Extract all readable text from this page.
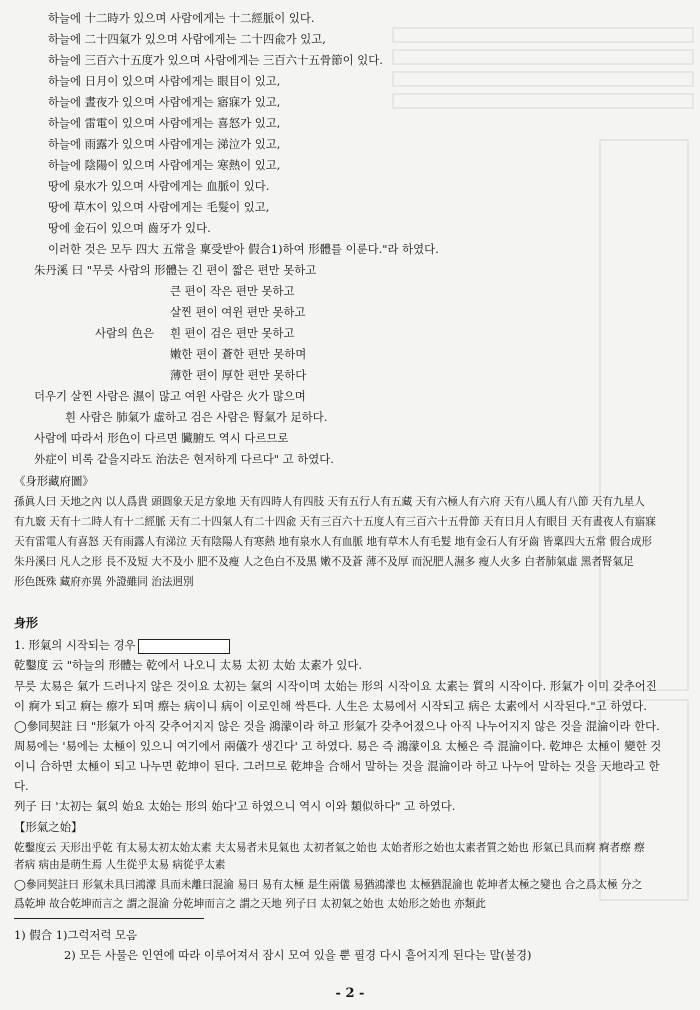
하늘에 十二時가 있으며 사람에게는 十二經脈이 있다.
하늘에 二十四氣가 있으며 사람에게는 二十四兪가 있고,
하늘에 三百六十五度가 있으며 사람에게는 三百六十五骨節이 있다.
하늘에 日月이 있으며 사람에게는 眼目이 있고,
하늘에 晝夜가 있으며 사람에게는 寤寐가 있고,
하늘에 雷電이 있으며 사람에게는 喜怒가 있고,
하늘에 雨露가 있으며 사람에게는 涕泣가 있고,
하늘에 陰陽이 있으며 사람에게는 寒熱이 있고,
땅에 泉水가 있으며 사람에게는 血脈이 있다.
땅에 草木이 있으며 사람에게는 毛髮이 있고,
땅에 金石이 있으며 齒牙가 있다.
이러한 것은 모두 四大 五常을 稟受받아 假合1)하여 形體를 이룬다."라 하였다.
朱丹溪 曰 "무릇 사람의 形體는 긴 편이 짧은 편만 못하고
큰 편이 작은 편만 못하고
살찐 편이 여윈 편만 못하고
사람의 色은 흰 편이 검은 편만 못하고
嫩한 편이 蒼한 편만 못하며
薄한 편이 厚한 편만 못하다
더우기 살찐 사람은 濕이 많고 여윈 사람은 火가 많으며
흰 사람은 肺氣가 虛하고 검은 사람은 腎氣가 足하다.
사람에 따라서 形色이 다르면 臟腑도 역시 다르므로
外症이 비록 같을지라도 治法은 현저하게 다르다" 고 하였다.
《身形藏府圖》
孫眞人曰 天地之內 以人爲貴 頭圓象天足方象地 天有四時人有四肢 天有五行人有五藏 天有六極人有六府 天有八風人有八節 天有九星人
有九竅 天有十二時人有十二經脈 天有二十四氣人有二十四兪 天有三百六十五度人有三百六十五骨節 天有日月人有眼目 天有晝夜人有寤寐
天有雷電人有喜怒 天有雨露人有涕泣 天有陰陽人有寒熱 地有泉水人有血脈 地有草木人有毛髮 地有金石人有牙齒 皆稟四大五常 假合成形
朱丹溪曰 凡人之形 長不及短 大不及小 肥不及瘦 人之色白不及黑 嫩不及蒼 薄不及厚 而況肥人濕多 瘦人火多 白者肺氣虛 黑者腎氣足
形色旣殊 藏府亦異 外證雖同 治法迥別
身形
1. 形氣의 시작되는 경우
乾鑿度 云 "하늘의 形體는 乾에서 나오니 太易 太初 太始 太素가 있다.
무릇 太易은 氣가 드러나지 않은 것이요 太初는 氣의 시작이며 太始는 形의 시작이요 太素는 質의 시작이다. 形氣가 이미 갖추어진
이 痾가 되고 痾는 瘵가 되며 瘵는 病이니 病이 이로인해 싹튼다. 人生은 太易에서 시작되고 病은 太素에서 시작된다."고 하였다.
◯參同契註 曰 "形氣가 아직 갖추어지지 않은 것을 鴻濛이라 하고 形氣가 갖추어졌으나 아직 나누어지지 않은 것을 混淪이라 한다.
周易에는 '易에는 太極이 있으니 여기에서 兩儀가 생긴다' 고 하였다. 易은 즉 鴻濛이요 太極은 즉 混淪이다. 乾坤은 太極이 變한 것
이니 合하면 太極이 되고 나누면 乾坤이 된다. 그러므로 乾坤을 合해서 말하는 것을 混淪이라 하고 나누어 말하는 것을 天地라고 한
다.
列子 曰 '太初는 氣의 始요 太始는 形의 始다'고 하였으니 역시 이와 類似하다" 고 하였다.
【形氣之始】
乾鑿度云 天形出乎乾 有太易太初太始太素 夫太易者未見氣也 太初者氣之始也 太始者形之始也太素者質之始也 形氣已具而痾 痾者瘵 瘵
者病 病由是萌生焉 人生從乎太易 病從乎太素
◯參同契註曰 形氣未具曰鴻濛 具而未離曰混淪 易曰 易有太極 是生兩儀 易猶鴻濛也 太極猶混淪也 乾坤者太極之變也 合之爲太極 分之
爲乾坤 故合乾坤而言之 謂之混淪 分乾坤而言之 謂之天地 列子曰 太初氣之始也 太始形之始也 亦類此
1) 假合 1)그럭저럭 모음
2) 모든 사물은 인연에 따라 이루어져서 잠시 모여 있을 뿐 필경 다시 흩어지게 된다는 말(불경)
- 2 -
